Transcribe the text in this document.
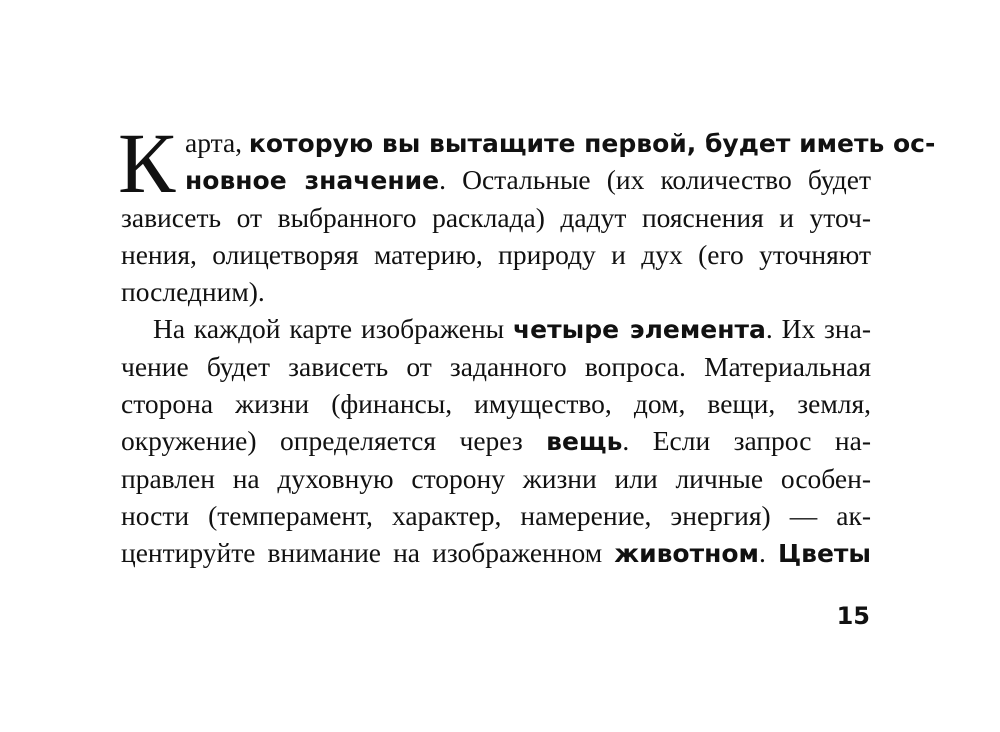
К арта, которую вы вытащите первой, будет иметь ос-
новное значение. Остальные (их количество будет
зависеть от выбранного расклада) дадут пояснения и уточ-
нения, олицетворяя материю, природу и дух (его уточняют
последним).
На каждой карте изображены четыре элемента. Их зна-
чение будет зависеть от заданного вопроса. Материальная
сторона жизни (финансы, имущество, дом, вещи, земля,
окружение) определяется через вещь. Если запрос на-
правлен на духовную сторону жизни или личные особен-
ности (темперамент, характер, намерение, энергия) — ак-
центируйте внимание на изображенном животном. Цветы
15
